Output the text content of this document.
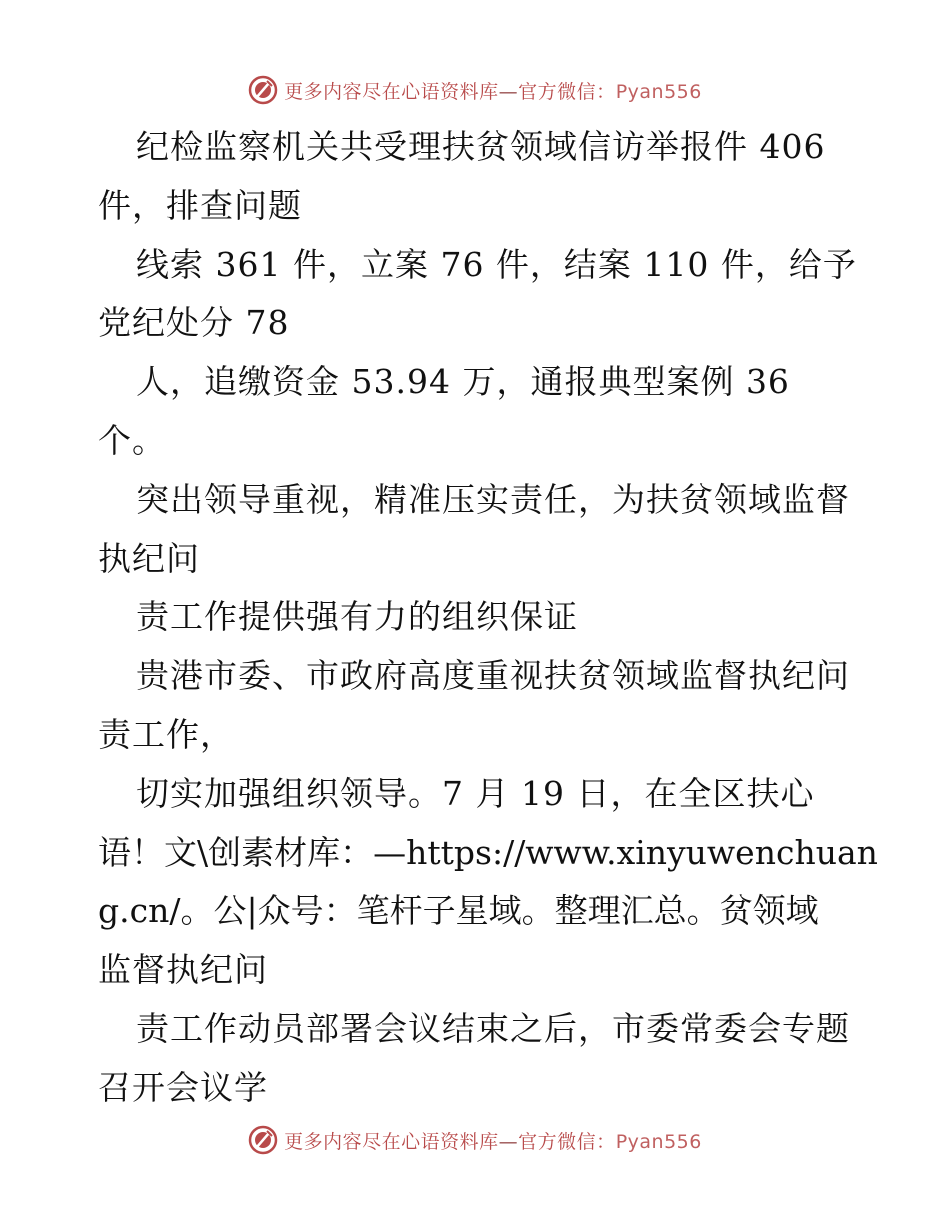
更多内容尽在心语资料库—官方微信：Pyan556
纪检监察机关共受理扶贫领域信访举报件 406
件，排查问题
线索 361 件，立案 76 件，结案 110 件，给予
党纪处分 78
人，追缴资金 53.94 万，通报典型案例 36
个。
突出领导重视，精准压实责任，为扶贫领域监督
执纪问
责工作提供强有力的组织保证
贵港市委、市政府高度重视扶贫领域监督执纪问
责工作，
切实加强组织领导。7 月 19 日，在全区扶心
语！文\创素材库：—https://www.xinyuwenchuan
g.cn/。公|众号：笔杆子星域。整理汇总。贫领域
监督执纪问
责工作动员部署会议结束之后，市委常委会专题
召开会议学
更多内容尽在心语资料库—官方微信：Pyan556
